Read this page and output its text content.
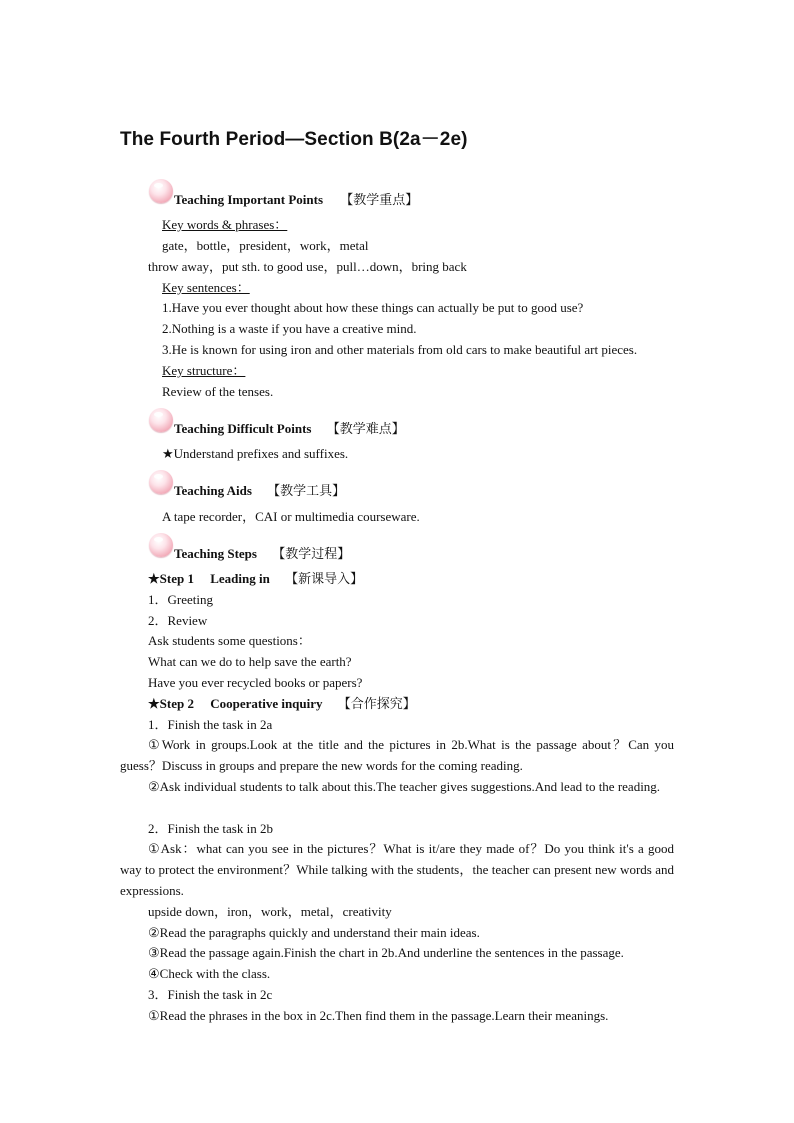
The Fourth Period—Section B(2a－2e)
Teaching Important Points 【教学重点】
Key words & phrases：
gate，bottle，president，work，metal
throw away，put sth. to good use，pull…down，bring back
Key sentences：
1.Have you ever thought about how these things can actually be put to good use?
2.Nothing is a waste if you have a creative mind.
3.He is known for using iron and other materials from old cars to make beautiful art pieces.
Key structure：
Review of the tenses.
Teaching Difficult Points 【教学难点】
★Understand prefixes and suffixes.
Teaching Aids 【教学工具】
A tape recorder，CAI or multimedia courseware.
Teaching Steps 【教学过程】
★Step 1　 Leading in 【新课导入】
1．Greeting
2．Review
Ask students some questions：
What can we do to help save the earth?
Have you ever recycled books or papers?
★Step 2　 Cooperative inquiry 【合作探究】
1．Finish the task in 2a
①Work in groups.Look at the title and the pictures in 2b.What is the passage about？Can you guess？Discuss in groups and prepare the new words for the coming reading.
②Ask individual students to talk about this.The teacher gives suggestions.And lead to the reading.
2．Finish the task in 2b
①Ask：what can you see in the pictures？What is it/are they made of？Do you think it's a good way to protect the environment？While talking with the students，the teacher can present new words and expressions.
upside down，iron，work，metal，creativity
②Read the paragraphs quickly and understand their main ideas.
③Read the passage again.Finish the chart in 2b.And underline the sentences in the passage.
④Check with the class.
3．Finish the task in 2c
①Read the phrases in the box in 2c.Then find them in the passage.Learn their meanings.
